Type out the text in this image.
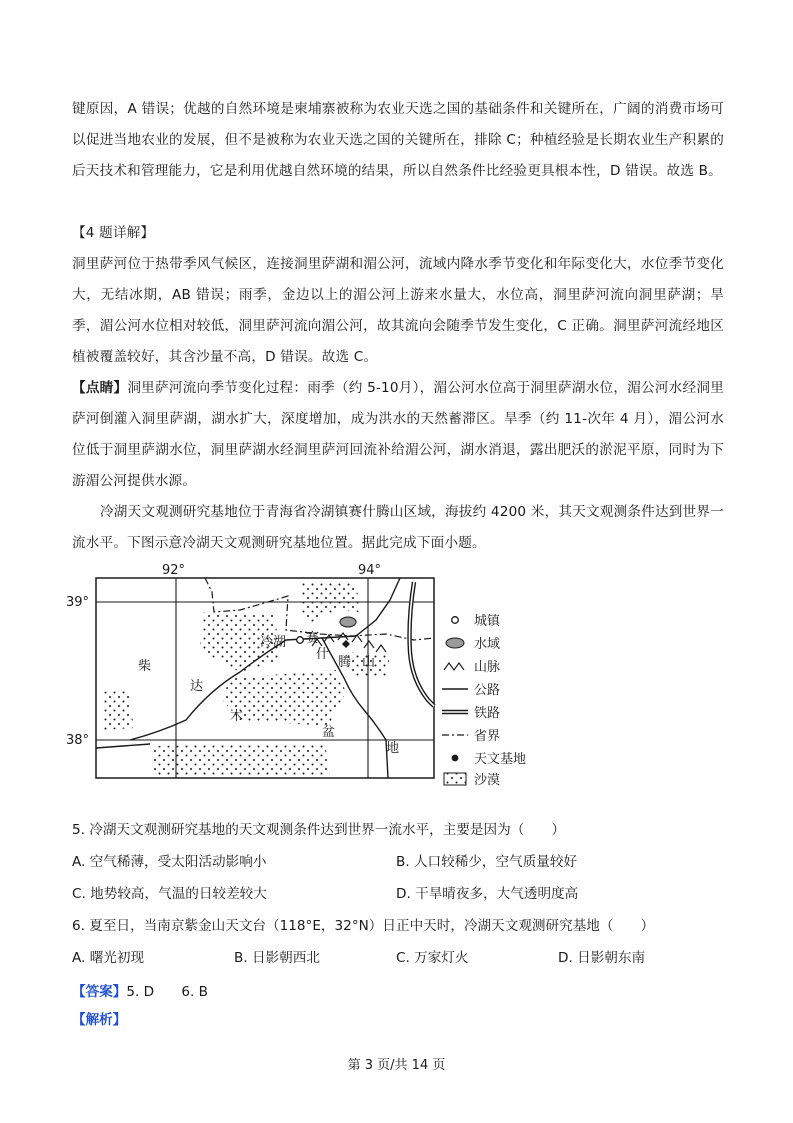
键原因，A 错误；优越的自然环境是柬埔寨被称为农业天选之国的基础条件和关键所在，广阔的消费市场可以促进当地农业的发展，但不是被称为农业天选之国的关键所在，排除 C；种植经验是长期农业生产积累的后天技术和管理能力，它是利用优越自然环境的结果，所以自然条件比经验更具根本性，D 错误。故选 B。

【4 题详解】

洞里萨河位于热带季风气候区，连接洞里萨湖和湄公河，流域内降水季节变化和年际变化大，水位季节变化大，无结冰期，AB 错误；雨季，金边以上的湄公河上游来水量大，水位高，洞里萨河流向洞里萨湖；旱季，湄公河水位相对较低，洞里萨河流向湄公河，故其流向会随季节发生变化，C 正确。洞里萨河流经地区植被覆盖较好，其含沙量不高，D 错误。故选 C。

【点睛】洞里萨河流向季节变化过程：雨季（约 5-10月），湄公河水位高于洞里萨湖水位，湄公河水经洞里萨河倒灌入洞里萨湖，湖水扩大，深度增加，成为洪水的天然蓄滞区。旱季（约 11-次年 4 月），湄公河水位低于洞里萨湖水位，洞里萨湖水经洞里萨河回流补给湄公河，湖水消退，露出肥沃的淤泥平原，同时为下游湄公河提供水源。

冷湖天文观测研究基地位于青海省冷湖镇赛什腾山区域，海拔约 4200 米，其天文观测条件达到世界一流水平。下图示意冷湖天文观测研究基地位置。据此完成下面小题。

冷湖
92°	94°
39°
38°
柴
达
木
盆
地
赛
什
腾 山
城镇
水域
山脉
公路
铁路
省界
天文基地
沙漠

5. 冷湖天文观测研究基地的天文观测条件达到世界一流水平，主要是因为（　　）

A. 空气稀薄，受太阳活动影响小	B. 人口较稀少，空气质量较好
C. 地势较高，气温的日较差较大	D. 干旱晴夜多，大气透明度高

6. 夏至日，当南京紫金山天文台（118°E，32°N）日正中天时，冷湖天文观测研究基地（　　）

A. 曙光初现	B. 日影朝西北	C. 万家灯火	D. 日影朝东南

【答案】5. D　　6. B

【解析】

第 3 页/共 14 页
